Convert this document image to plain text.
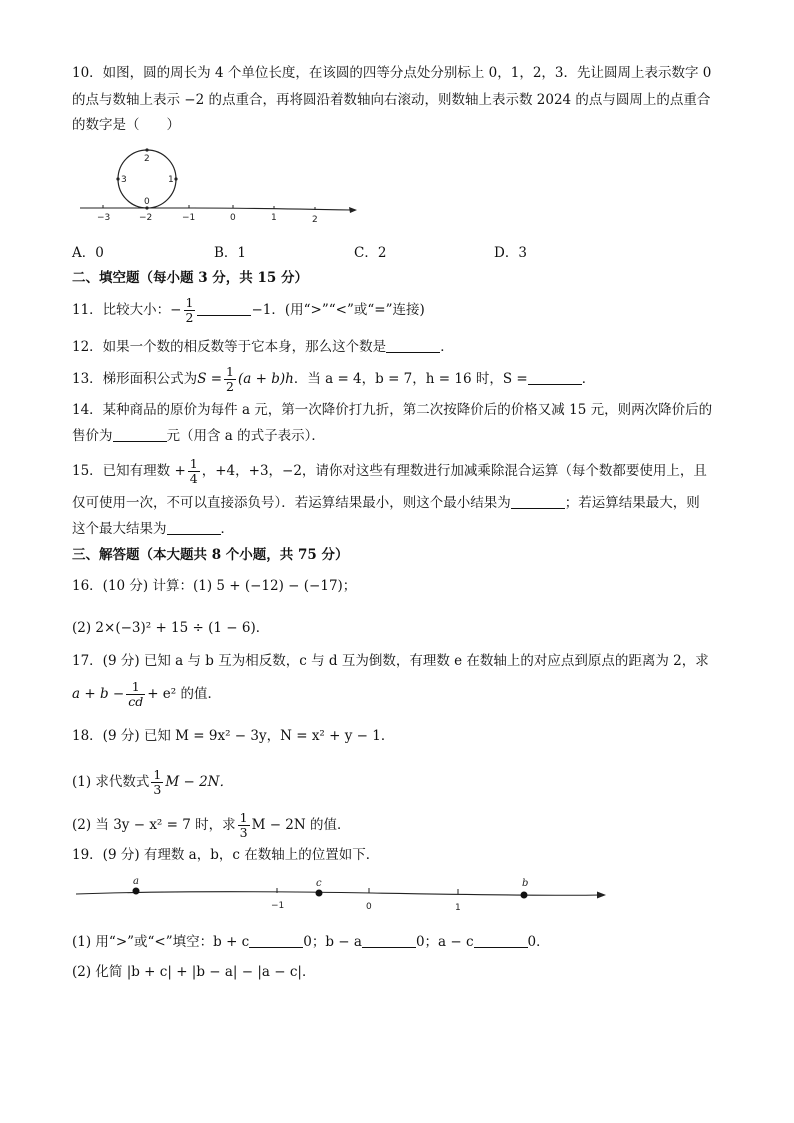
10．如图，圆的周长为 4 个单位长度，在该圆的四等分点处分别标上 0，1，2，3．先让圆周上表示数字 0
的点与数轴上表示 −2 的点重合，再将圆沿着数轴向右滚动，则数轴上表示数 2024 的点与圆周上的点重合
的数字是（　　）
2
3	1
0
−3	−2	−1	0	1	2
A．0	B．1	C．2	D．3
二、填空题（每小题 3 分，共 15 分）
11．比较大小：− $\frac{1}{2}$	−1．(用“>”“<”或“=”连接)
12．如果一个数的相反数等于它本身，那么这个数是	．
13．梯形面积公式为$S = \frac{1}{2} (a + b)h$．当 a = 4，b = 7，h = 16 时，S =	．
14．某种商品的原价为每件 a 元，第一次降价打九折，第二次按降价后的价格又减 15 元，则两次降价后的
售价为	元（用含 a 的式子表示）．
15．已知有理数 + $\frac{1}{4}$ ，+4，+3，−2，请你对这些有理数进行加减乘除混合运算（每个数都要使用上，且
仅可使用一次，不可以直接添负号）．若运算结果最小，则这个最小结果为	；若运算结果最大，则
这个最大结果为	．
三、解答题（本大题共 8 个小题，共 75 分）
16．(10 分) 计算：(1) 5 + (−12) − (−17)；
(2) 2×(−3)² + 15 ÷ (1 − 6)．
17．(9 分) 已知 a 与 b 互为相反数，c 与 d 互为倒数，有理数 e 在数轴上的对应点到原点的距离为 2，求
$a + b - \frac{1}{cd} + e^2$ 的值．
18．(9 分) 已知 M = 9x² − 3y，N = x² + y − 1．
(1) 求代数式 $\frac{1}{3}$ M − 2N．
(2) 当 3y − x² = 7 时，求 $\frac{1}{3}$ M − 2N 的值．
19．(9 分) 有理数 a，b，c 在数轴上的位置如下．
a	c	b
−1	0	1
(1) 用“>”或“<”填空：b + c	0；b − a	0；a − c	0．
(2) 化简 |b + c| + |b − a| − |a − c|．
